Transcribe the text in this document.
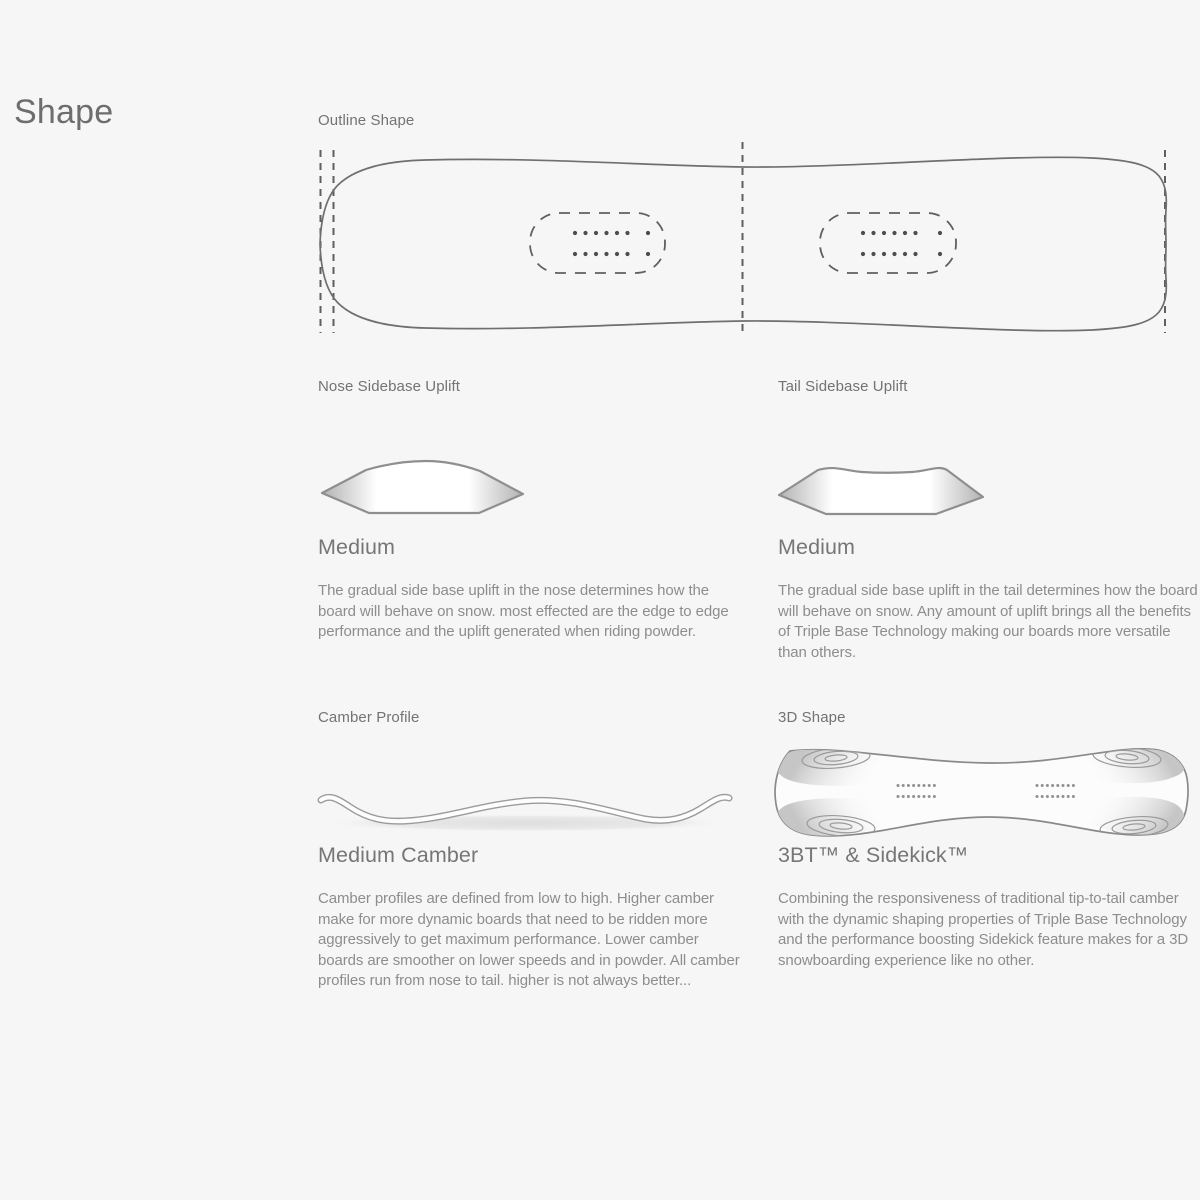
Shape	Outline Shape
Nose Sidebase Uplift
Medium
The gradual side base uplift in the nose determines how the board will behave on snow. most effected are the edge to edge performance and the uplift generated when riding powder.
Tail Sidebase Uplift
Medium
The gradual side base uplift in the tail determines how the board will behave on snow. Any amount of uplift brings all the benefits of Triple Base Technology making our boards more versatile than others.
Camber Profile
Medium Camber
Camber profiles are defined from low to high. Higher camber make for more dynamic boards that need to be ridden more aggressively to get maximum performance. Lower camber boards are smoother on lower speeds and in powder. All camber profiles run from nose to tail. higher is not always better...
3D Shape
3BT™ & Sidekick™
Combining the responsiveness of traditional tip-to-tail camber with the dynamic shaping properties of Triple Base Technology and the performance boosting Sidekick feature makes for a 3D snowboarding experience like no other.
